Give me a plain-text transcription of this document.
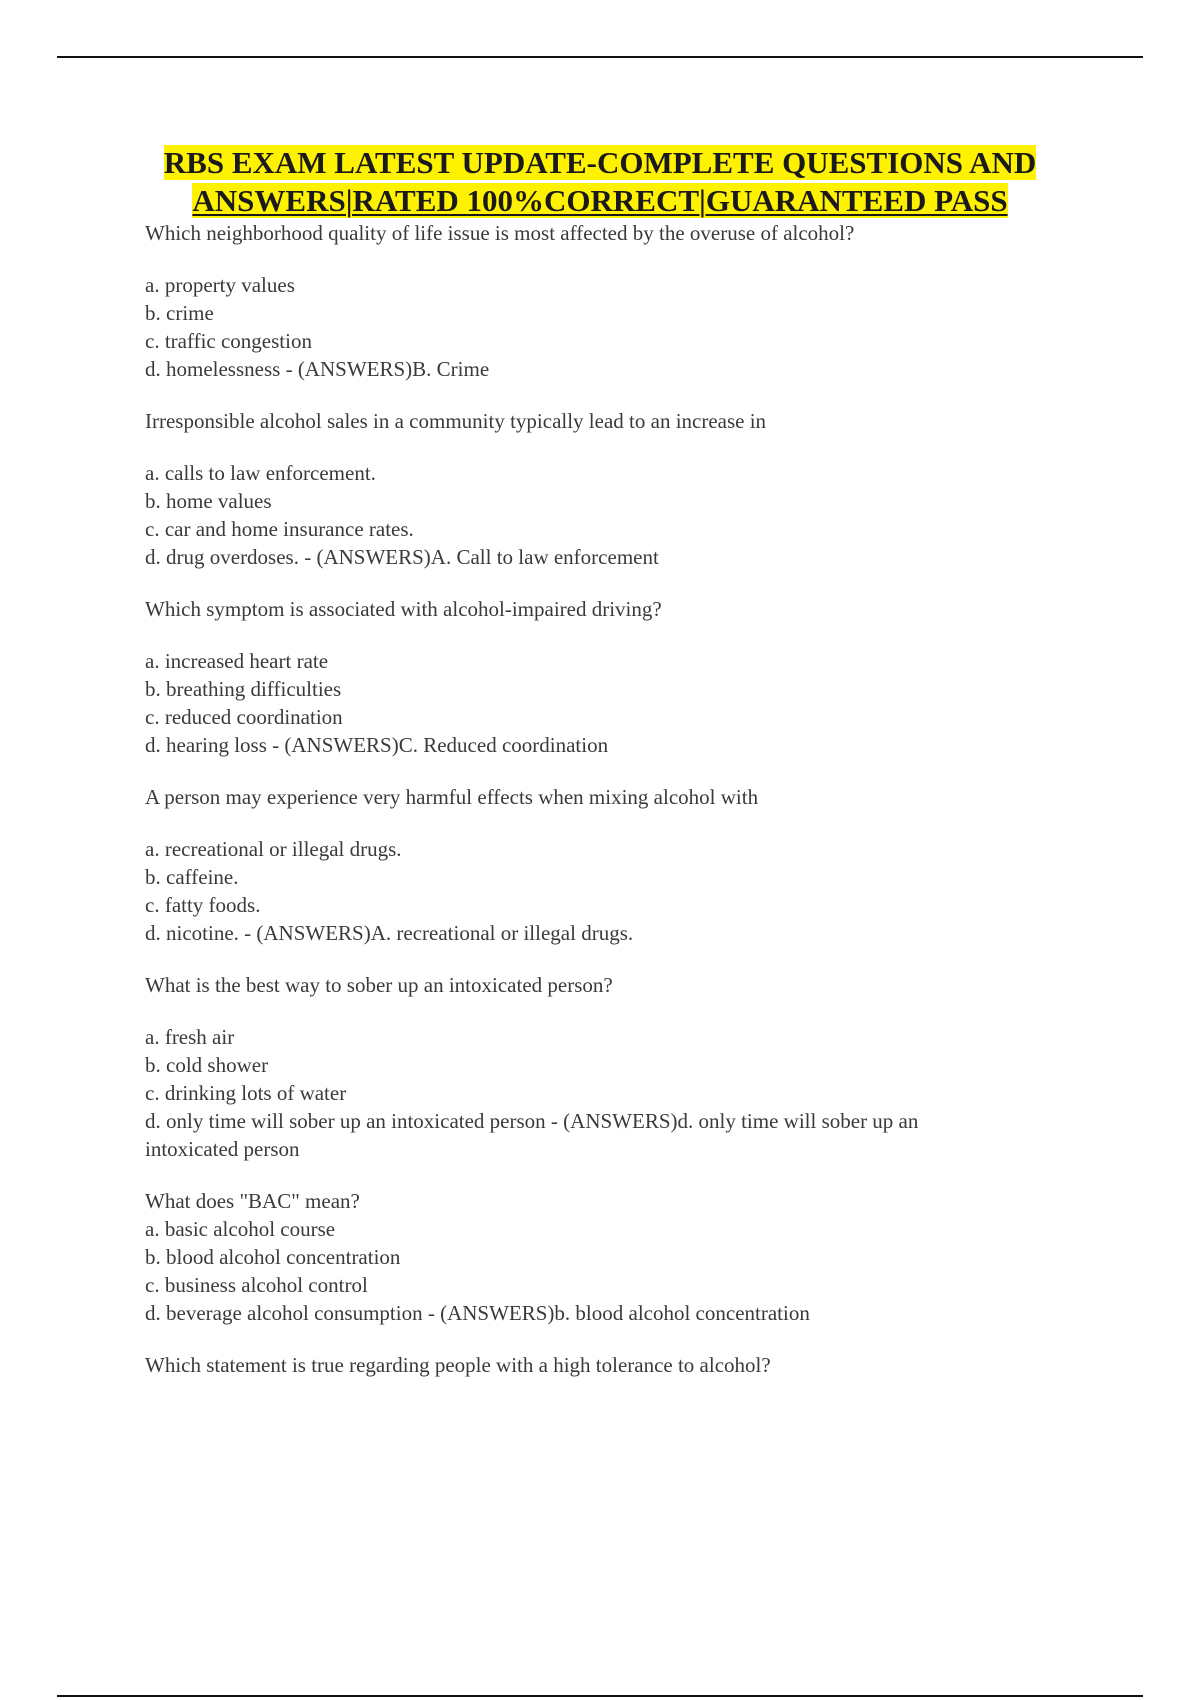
RBS EXAM LATEST UPDATE-COMPLETE QUESTIONS AND
ANSWERS|RATED 100%CORRECT|GUARANTEED PASS

Which neighborhood quality of life issue is most affected by the overuse of alcohol?

a. property values
b. crime
c. traffic congestion
d. homelessness - (ANSWERS)B. Crime

Irresponsible alcohol sales in a community typically lead to an increase in

a. calls to law enforcement.
b. home values
c. car and home insurance rates.
d. drug overdoses. - (ANSWERS)A. Call to law enforcement

Which symptom is associated with alcohol-impaired driving?

a. increased heart rate
b. breathing difficulties
c. reduced coordination
d. hearing loss - (ANSWERS)C. Reduced coordination

A person may experience very harmful effects when mixing alcohol with

a. recreational or illegal drugs.
b. caffeine.
c. fatty foods.
d. nicotine. - (ANSWERS)A. recreational or illegal drugs.

What is the best way to sober up an intoxicated person?

a. fresh air
b. cold shower
c. drinking lots of water
d. only time will sober up an intoxicated person - (ANSWERS)d. only time will sober up an
intoxicated person

What does "BAC" mean?

a. basic alcohol course
b. blood alcohol concentration
c. business alcohol control
d. beverage alcohol consumption - (ANSWERS)b. blood alcohol concentration

Which statement is true regarding people with a high tolerance to alcohol?
